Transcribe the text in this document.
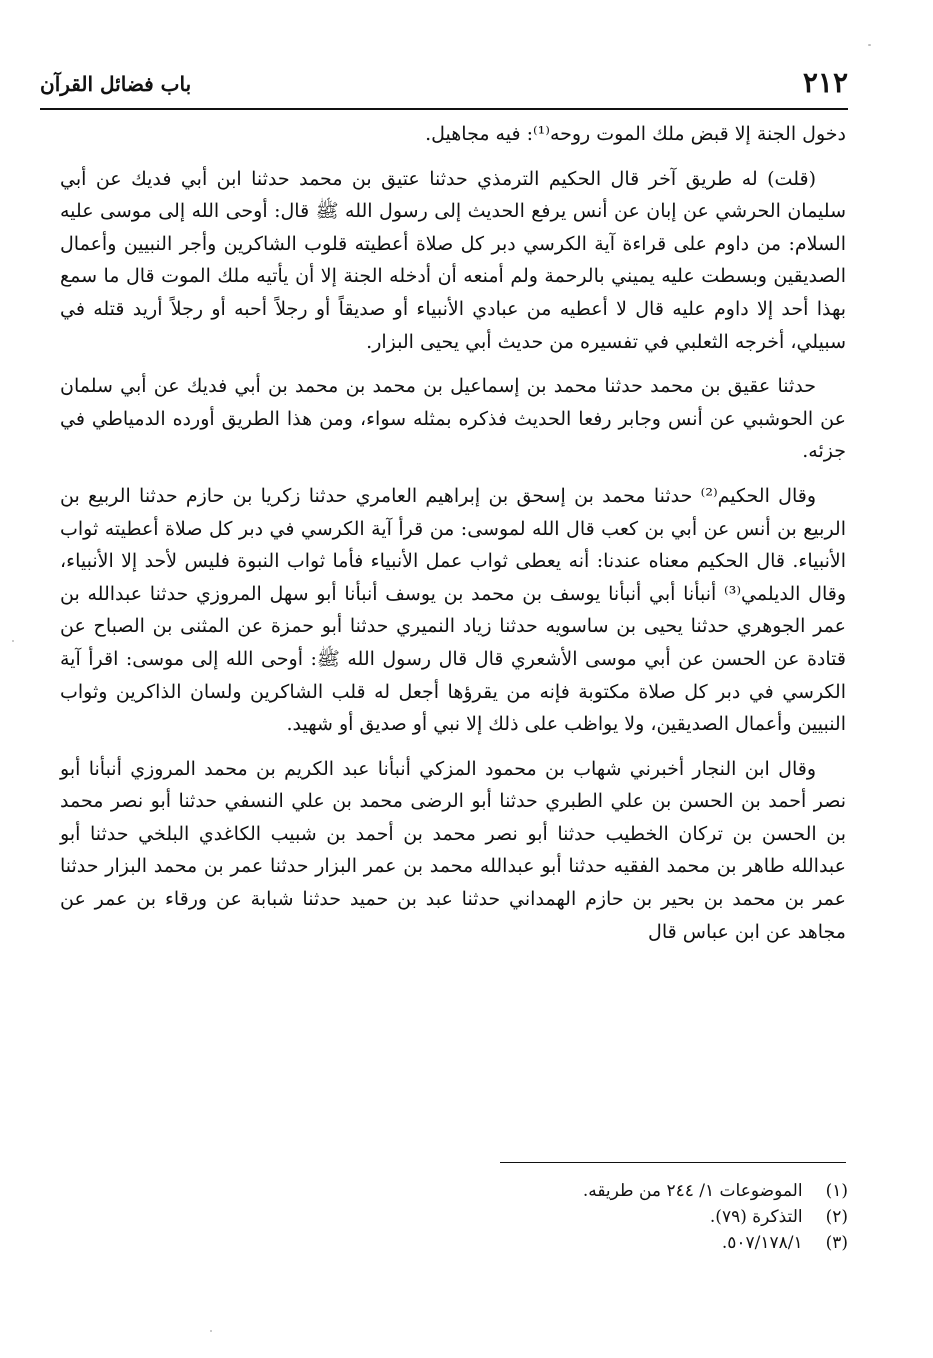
٢١٢
باب فضائل القرآن

دخول الجنة إلا قبض ملك الموت روحه⁽¹⁾: فيه مجاهيل.

(قلت) له طريق آخر قال الحكيم الترمذي حدثنا عتيق بن محمد حدثنا ابن أبي فديك عن أبي سليمان الحرشي عن إبان عن أنس يرفع الحديث إلى رسول الله ﷺ قال: أوحى الله إلى موسى عليه السلام: من داوم على قراءة آية الكرسي دبر كل صلاة أعطيته قلوب الشاكرين وأجر النبيين وأعمال الصديقين وبسطت عليه يميني بالرحمة ولم أمنعه أن أدخله الجنة إلا أن يأتيه ملك الموت قال ما سمع بهذا أحد إلا داوم عليه قال لا أعطيه من عبادي الأنبياء أو صديقاً أو رجلاً أحبه أو رجلاً أريد قتله في سبيلي، أخرجه الثعلبي في تفسيره من حديث أبي يحيى البزار.

حدثنا عقيق بن محمد حدثنا محمد بن إسماعيل بن محمد بن محمد بن أبي فديك عن أبي سلمان عن الحوشبي عن أنس وجابر رفعا الحديث فذكره بمثله سواء، ومن هذا الطريق أورده الدمياطي في جزئه.

وقال الحكيم⁽²⁾ حدثنا محمد بن إسحق بن إبراهيم العامري حدثنا زكريا بن حازم حدثنا الربيع بن الربيع بن أنس عن أبي بن كعب قال الله لموسى: من قرأ آية الكرسي في دبر كل صلاة أعطيته ثواب الأنبياء. قال الحكيم معناه عندنا: أنه يعطى ثواب عمل الأنبياء فأما ثواب النبوة فليس لأحد إلا الأنبياء، وقال الديلمي⁽³⁾ أنبأنا أبي أنبأنا يوسف بن محمد بن يوسف أنبأنا أبو سهل المروزي حدثنا عبدالله بن عمر الجوهري حدثنا يحيى بن ساسويه حدثنا زياد النميري حدثنا أبو حمزة عن المثنى بن الصباح عن قتادة عن الحسن عن أبي موسى الأشعري قال قال رسول الله ﷺ: أوحى الله إلى موسى: اقرأ آية الكرسي في دبر كل صلاة مكتوبة فإنه من يقرؤها أجعل له قلب الشاكرين ولسان الذاكرين وثواب النبيين وأعمال الصديقين، ولا يواظب على ذلك إلا نبي أو صديق أو شهيد.

وقال ابن النجار أخبرني شهاب بن محمود المزكي أنبأنا عبد الكريم بن محمد المروزي أنبأنا أبو نصر أحمد بن الحسن بن علي الطبري حدثنا أبو الرضى محمد بن علي النسفي حدثنا أبو نصر محمد بن الحسن بن تركان الخطيب حدثنا أبو نصر محمد بن أحمد بن شبيب الكاغدي البلخي حدثنا أبو عبدالله طاهر بن محمد الفقيه حدثنا أبو عبدالله محمد بن عمر البزار حدثنا عمر بن محمد البزار حدثنا عمر بن محمد بن بحير بن حازم الهمداني حدثنا عبد بن حميد حدثنا شبابة عن ورقاء بن عمر عن مجاهد عن ابن عباس قال

(١) الموضوعات ١/ ٢٤٤ من طريقه.
(٢) التذكرة (٧٩).
(٣) ٥٠٧/١٧٨/١.
